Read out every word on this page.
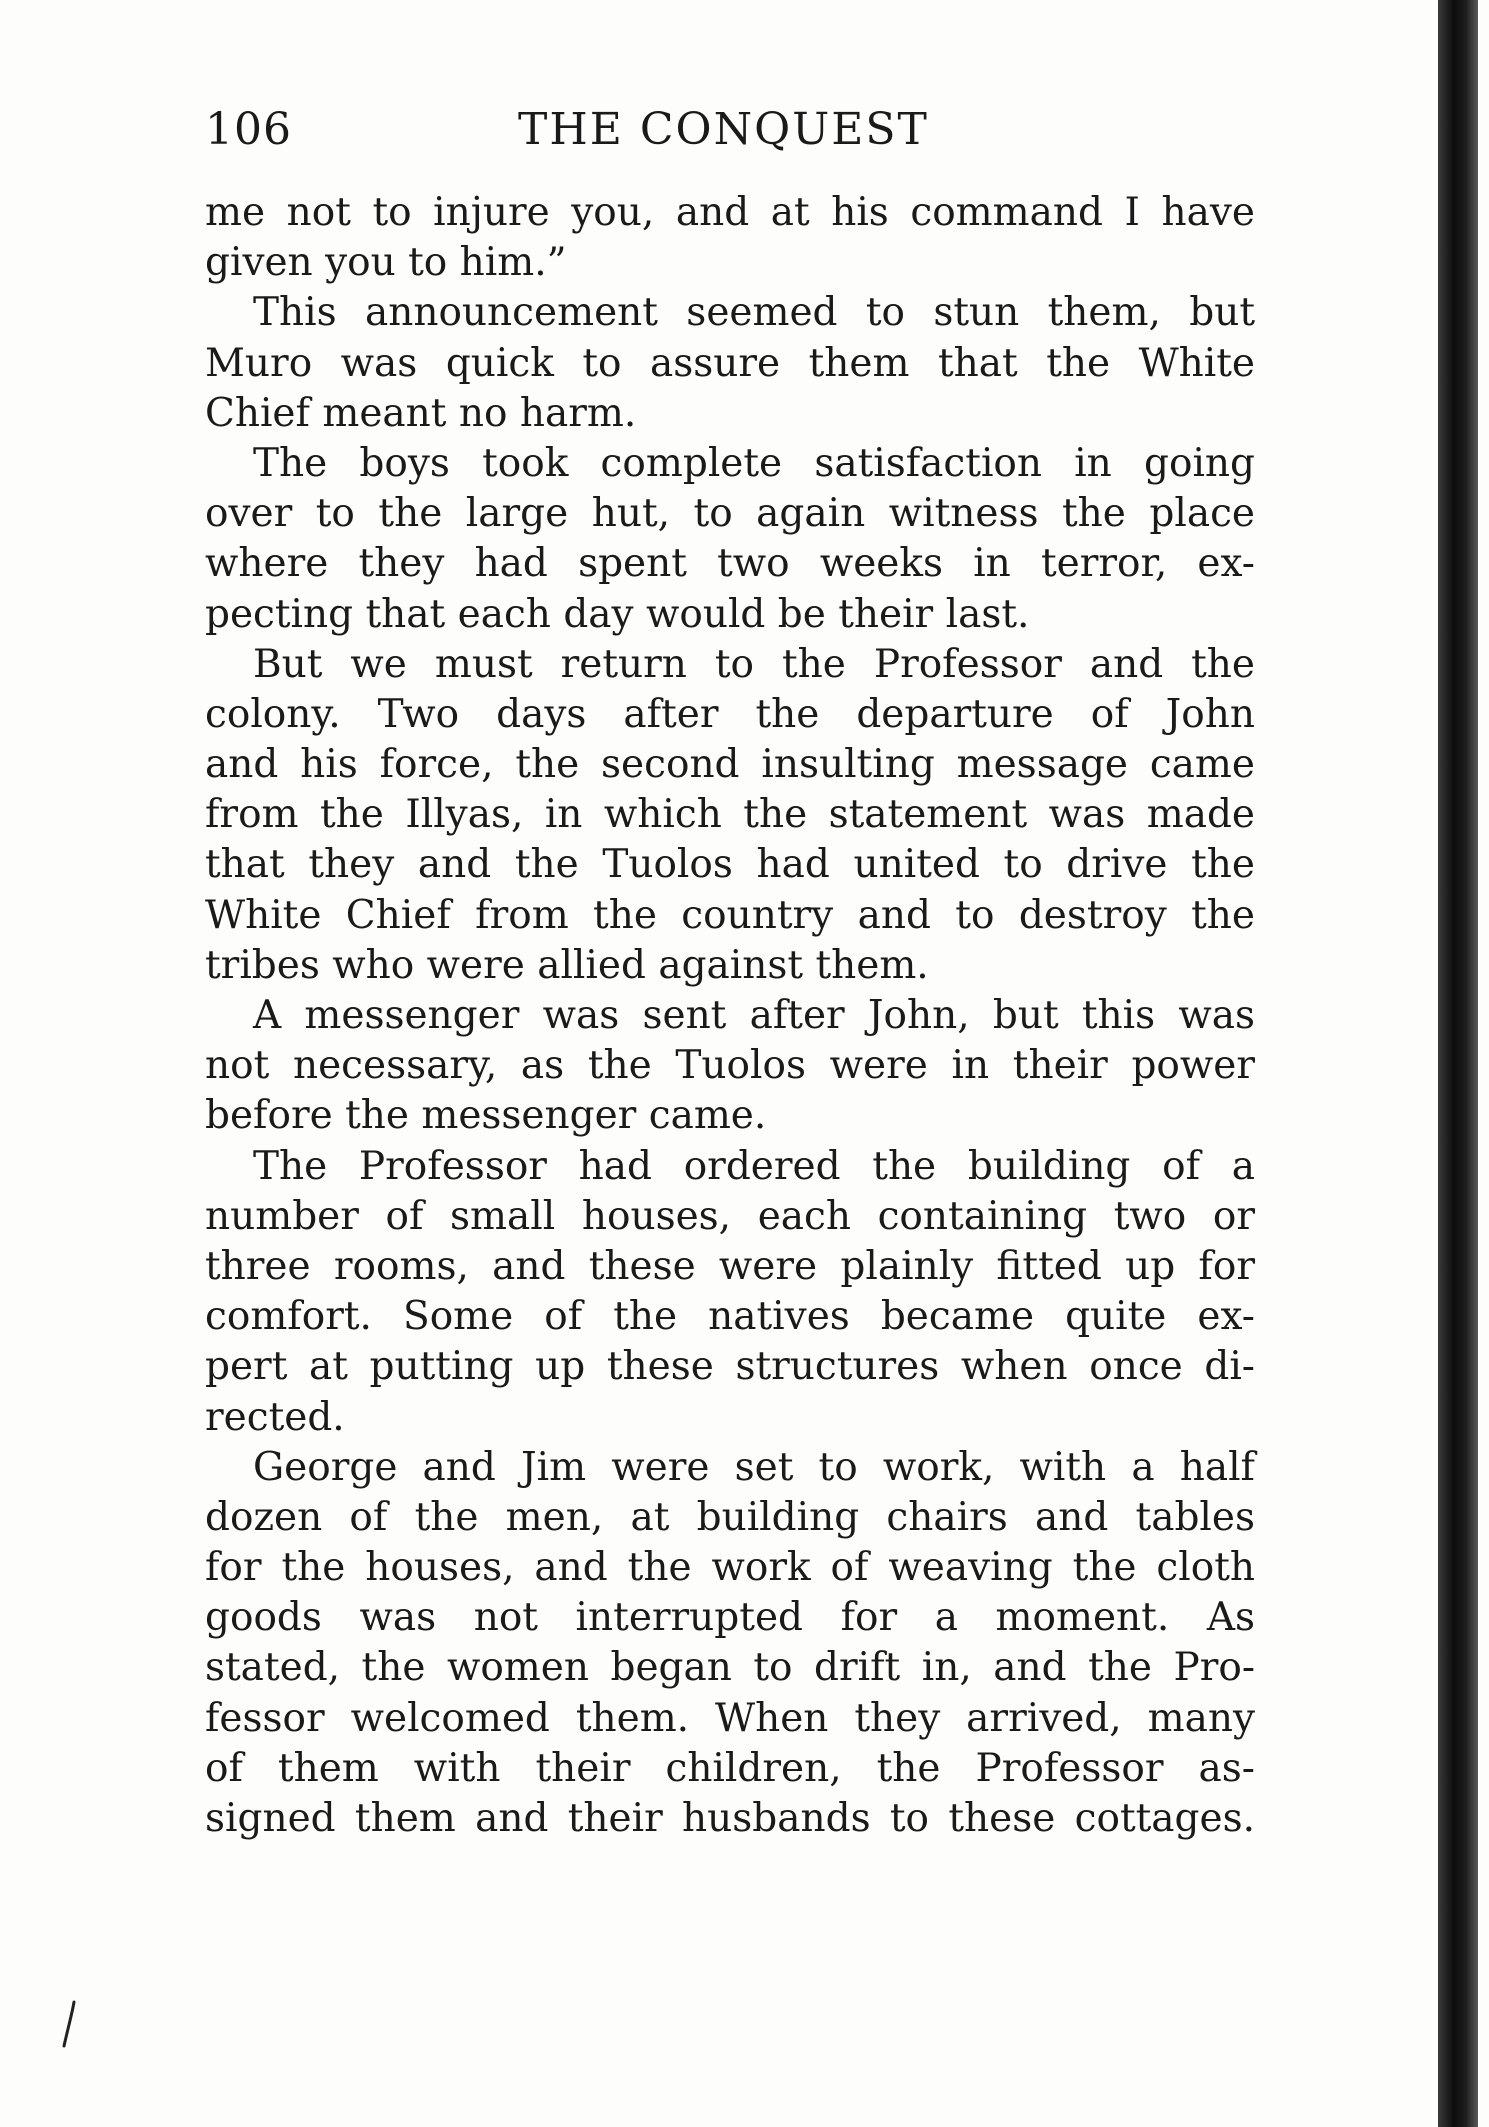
106	THE CONQUEST
me not to injure you, and at his command I have
given you to him.”
This announcement seemed to stun them, but
Muro was quick to assure them that the White
Chief meant no harm.
The boys took complete satisfaction in going
over to the large hut, to again witness the place
where they had spent two weeks in terror, ex-
pecting that each day would be their last.
But we must return to the Professor and the
colony. Two days after the departure of John
and his force, the second insulting message came
from the Illyas, in which the statement was made
that they and the Tuolos had united to drive the
White Chief from the country and to destroy the
tribes who were allied against them.
A messenger was sent after John, but this was
not necessary, as the Tuolos were in their power
before the messenger came.
The Professor had ordered the building of a
number of small houses, each containing two or
three rooms, and these were plainly fitted up for
comfort. Some of the natives became quite ex-
pert at putting up these structures when once di-
rected.
George and Jim were set to work, with a half
dozen of the men, at building chairs and tables
for the houses, and the work of weaving the cloth
goods was not interrupted for a moment. As
stated, the women began to drift in, and the Pro-
fessor welcomed them. When they arrived, many
of them with their children, the Professor as-
signed them and their husbands to these cottages.
